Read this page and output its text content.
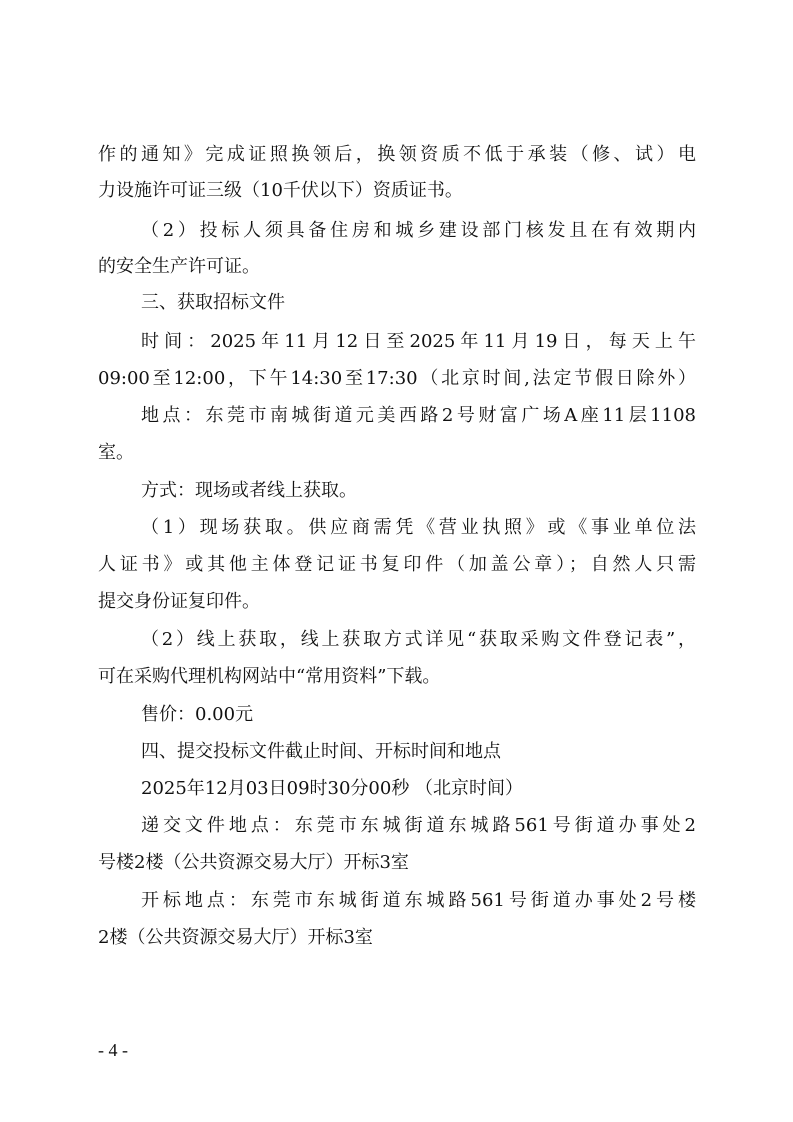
作的通知》完成证照换领后，换领资质不低于承装（修、试）电
力设施许可证三级（10千伏以下）资质证书。
（2）投标人须具备住房和城乡建设部门核发且在有效期内
的安全生产许可证。
三、获取招标文件
时间：2025年11月12日至2025年11月19日，每天上午
09:00至12:00，下午14:30至17:30（北京时间,法定节假日除外）
地点：东莞市南城街道元美西路2号财富广场A座11层1108
室。
方式：现场或者线上获取。
（1）现场获取。供应商需凭《营业执照》或《事业单位法
人证书》或其他主体登记证书复印件（加盖公章）；自然人只需
提交身份证复印件。
（2）线上获取，线上获取方式详见“获取采购文件登记表”，
可在采购代理机构网站中“常用资料”下载。
售价：0.00元
四、提交投标文件截止时间、开标时间和地点
2025年12月03日09时30分00秒 （北京时间）
递交文件地点：东莞市东城街道东城路561号街道办事处2
号楼2楼（公共资源交易大厅）开标3室
开标地点：东莞市东城街道东城路561号街道办事处2号楼
2楼（公共资源交易大厅）开标3室
- 4 -
